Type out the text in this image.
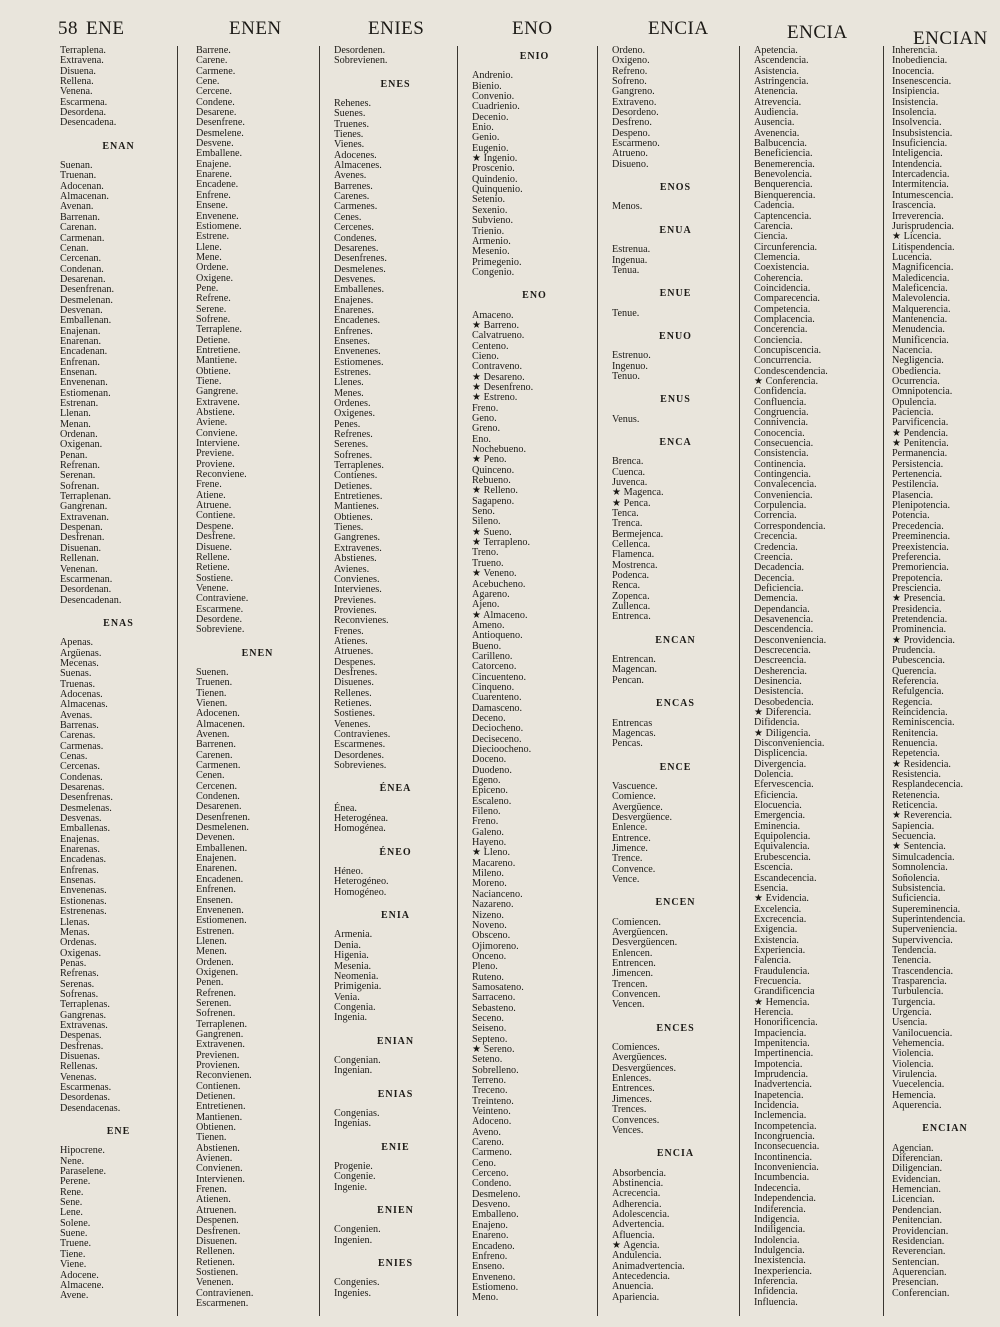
58 ENE	ENEN	ENIES	ENO	ENCIA	ENCIA	ENCIAN
Terraplena.
Extravena.
Disuena.
Rellena.
Venena.
Escarmena.
Desordena.
Desencadena.
ENAN
Suenan.
Truenan.
Adocenan.
Almacenan.
Avenan.
Barrenan.
Carenan.
Carmenan.
Cenan.
Cercenan.
Condenan.
Desarenan.
Desenfrenan.
Desmelenan.
Desvenan.
Emballenan.
Enajenan.
Enarenan.
Encadenan.
Enfrenan.
Ensenan.
Envenenan.
Estiomenan.
Estrenan.
Llenan.
Menan.
Ordenan.
Oxigenan.
Penan.
Refrenan.
Serenan.
Sofrenan.
Terraplenan.
Gangrenan.
Extravenan.
Despenan.
Desfrenan.
Disuenan.
Rellenan.
Venenan.
Escarmenan.
Desordenan.
Desencadenan.
ENAS
Apenas.
Argüenas.
Mecenas.
Suenas.
Truenas.
Adocenas.
Almacenas.
Avenas.
Barrenas.
Carenas.
Carmenas.
Cenas.
Cercenas.
Condenas.
Desarenas.
Desenfrenas.
Desmelenas.
Desvenas.
Emballenas.
Enajenas.
Enarenas.
Encadenas.
Enfrenas.
Ensenas.
Envenenas.
Estionenas.
Estrenenas.
Llenas.
Menas.
Ordenas.
Oxigenas.
Penas.
Refrenas.
Serenas.
Sofrenas.
Terraplenas.
Gangrenas.
Extravenas.
Despenas.
Desfrenas.
Disuenas.
Rellenas.
Venenas.
Escarmenas.
Desordenas.
Desendacenas.
ENE
Hipocrene.
Nene.
Paraselene.
Perene.
Rene.
Sene.
Lene.
Solene.
Suene.
Truene.
Tiene.
Viene.
Adocene.
Almacene.
Avene.
Barrene.
Carene.
Carmene.
Cene.
Cercene.
Condene.
Desarene.
Desenfrene.
Desmelene.
Desvene.
Emballene.
Enajene.
Enarene.
Encadene.
Enfrene.
Ensene.
Envenene.
Estiomene.
Estrene.
Llene.
Mene.
Ordene.
Oxigene.
Pene.
Refrene.
Serene.
Sofrene.
Terraplene.
Detiene.
Entretiene.
Mantiene.
Obtiene.
Tiene.
Gangrene.
Extravene.
Abstiene.
Aviene.
Conviene.
Interviene.
Previene.
Proviene.
Reconviene.
Frene.
Atiene.
Atruene.
Contiene.
Despene.
Desfrene.
Disuene.
Rellene.
Retiene.
Sostiene.
Venene.
Contraviene.
Escarmene.
Desordene.
Sobreviene.
ENEN
Suenen.
Truenen.
Tienen.
Vienen.
Adocenen.
Almacenen.
Avenen.
Barrenen.
Carenen.
Carmenen.
Cenen.
Cercenen.
Condenen.
Desarenen.
Desenfrenen.
Desmelenen.
Devenen.
Emballenen.
Enajenen.
Enarenen.
Encadenen.
Enfrenen.
Ensenen.
Envenenen.
Estiomenen.
Estrenen.
Llenen.
Menen.
Ordenen.
Oxigenen.
Penen.
Refrenen.
Serenen.
Sofrenen.
Terraplenen.
Gangrenen.
Extravenen.
Previenen.
Provienen.
Reconvienen.
Contienen.
Detienen.
Entretienen.
Mantienen.
Obtienen.
Tienen.
Abstienen.
Avienen.
Convienen.
Intervienen.
Frenen.
Atienen.
Atruenen.
Despenen.
Desfrenen.
Disuenen.
Rellenen.
Retienen.
Sostienen.
Venenen.
Contravienen.
Escarmenen.
Desordenen.
Sobrevienen.
ENES
Rehenes.
Suenes.
Truenes.
Tienes.
Vienes.
Adocenes.
Almacenes.
Avenes.
Barrenes.
Carenes.
Carmenes.
Cenes.
Cercenes.
Condenes.
Desarenes.
Desenfrenes.
Desmelenes.
Desvenes.
Emballenes.
Enajenes.
Enarenes.
Encadenes.
Enfrenes.
Ensenes.
Envenenes.
Estiomenes.
Estrenes.
Llenes.
Menes.
Ordenes.
Oxigenes.
Penes.
Refrenes.
Serenes.
Sofrenes.
Terraplenes.
Contienes.
Detienes.
Entretienes.
Mantienes.
Obtienes.
Tienes.
Gangrenes.
Extravenes.
Abstienes.
Avienes.
Convienes.
Intervienes.
Previenes.
Provienes.
Reconvienes.
Frenes.
Atienes.
Atruenes.
Despenes.
Desfrenes.
Disuenes.
Rellenes.
Retienes.
Sostienes.
Venenes.
Contravienes.
Escarmenes.
Desordenes.
Sobrevienes.
ÉNEA
Énea.
Heterogénea.
Homogénea.
ÉNEO
Héneo.
Heterogéneo.
Homogéneo.
ENIA
Armenia.
Denia.
Higenia.
Mesenia.
Neomenia.
Primigenia.
Venia.
Congenia.
Ingenia.
ENIAN
Congenian.
Ingenian.
ENIAS
Congenias.
Ingenias.
ENIE
Progenie.
Congenie.
Ingenie.
ENIEN
Congenien.
Ingenien.
ENIES
Congenies.
Ingenies.
ENIO
Andrenio.
Bienio.
Convenio.
Cuadrienio.
Decenio.
Enio.
Genio.
Eugenio.
★ Ingenio.
Proscenio.
Quindenio.
Quinquenio.
Setenio.
Sexenio.
Subvieno.
Trienio.
Armenio.
Mesenio.
Primegenio.
Congenio.
ENO
Amaceno.
★ Barreno.
Calvatrueno.
Centeno.
Cieno.
Contraveno.
★ Desareno.
★ Desenfreno.
★ Estreno.
Freno.
Geno.
Greno.
Eno.
Nochebueno.
★ Peno.
Quinceno.
Rebueno.
★ Relleno.
Sagapeno.
Seno.
Sileno.
★ Sueno.
★ Terrapleno.
Treno.
Trueno.
★ Veneno.
Acebucheno.
Agareno.
Ajeno.
★ Almaceno.
Ameno.
Antioqueno.
Bueno.
Carilleno.
Catorceno.
Cincuenteno.
Cinqueno.
Cuarenteno.
Damasceno.
Deceno.
Deciocheno.
Deciseceno.
Diecioocheno.
Doceno.
Duodeno.
Egeno.
Epiceno.
Escaleno.
Fileno.
Freno.
Galeno.
Hayeno.
★ Lleno.
Macareno.
Mileno.
Moreno.
Nacianceno.
Nazareno.
Nizeno.
Noveno.
Obsceno.
Ojimoreno.
Onceno.
Pleno.
Ruteno.
Samosateno.
Sarraceno.
Sebasteno.
Seceno.
Seiseno.
Septeno.
★ Sereno.
Seteno.
Sobrelleno.
Terreno.
Treceno.
Treinteno.
Veinteno.
Adoceno.
Aveno.
Careno.
Carmeno.
Ceno.
Cerceno.
Condeno.
Desmeleno.
Desveno.
Emballeno.
Enajeno.
Enareno.
Encadeno.
Enfreno.
Enseno.
Enveneno.
Estiomeno.
Meno.
Ordeno.
Oxigeno.
Refreno.
Sofreno.
Gangreno.
Extraveno.
Desordeno.
Desfreno.
Despeno.
Escarmeno.
Atrueno.
Disueno.
ENOS
Menos.
ENUA
Estrenua.
Ingenua.
Tenua.
ENUE
Tenue.
ENUO
Estrenuo.
Ingenuo.
Tenuo.
ENUS
Venus.
ENCA
Brenca.
Cuenca.
Juvenca.
★ Magenca.
★ Penca.
Tenca.
Trenca.
Bermejenca.
Cellenca.
Flamenca.
Mostrenca.
Podenca.
Renca.
Zopenca.
Zullenca.
Entrenca.
ENCAN
Entrencan.
Magencan.
Pencan.
ENCAS
Entrencas
Magencas.
Pencas.
ENCE
Vascuence.
Comience.
Avergüence.
Desvergüence.
Enlence.
Entrence.
Jimence.
Trence.
Convence.
Vence.
ENCEN
Comiencen.
Avergüencen.
Desvergüencen.
Enlencen.
Entrencen.
Jimencen.
Trencen.
Convencen.
Vencen.
ENCES
Comiences.
Avergüences.
Desvergüences.
Enlences.
Entrences.
Jimences.
Trences.
Convences.
Vences.
ENCIA
Absorbencia.
Abstinencia.
Acrecencia.
Adherencia.
Adolescencia.
Advertencia.
Afluencia.
★ Agencia.
Andulencia.
Animadvertencia.
Antecedencia.
Anuencia.
Apariencia.
Apetencia.
Ascendencia.
Asistencia.
Astringencia.
Atenencia.
Atrevencia.
Audiencia.
Ausencia.
Avenencia.
Balbucencia.
Beneficiencia.
Benemerencia.
Benevolencia.
Benquerencia.
Bienquerencia.
Cadencia.
Captencencia.
Carencia.
Ciencia.
Circunferencia.
Clemencia.
Coexistencia.
Coherencia.
Coincidencia.
Comparecencia.
Competencia.
Complacencia.
Concerencia.
Conciencia.
Concupiscencia.
Concurrencia.
Condescendencia.
★ Conferencia.
Confidencia.
Confluencia.
Congruencia.
Connivencia.
Conocencia.
Consecuencia.
Consistencia.
Continencia.
Contingencia.
Convalecencia.
Conveniencia.
Corpulencia.
Correncia.
Correspondencia.
Crecencia.
Credencia.
Creencia.
Decadencia.
Decencia.
Deficiencia.
Demencia.
Dependancia.
Desavenencia.
Descendencia.
Desconveniencia.
Descrecencia.
Descreencia.
Desherencia.
Desinencia.
Desistencia.
Desobedencia.
★ Diferencia.
Difidencia.
★ Diligencia.
Disconveniencia.
Displicencia.
Divergencia.
Dolencia.
Efervescencia.
Eficiencia.
Elocuencia.
Emergencia.
Eminencia.
Equipolencia.
Equivalencia.
Erubescencia.
Escencia.
Escandecencia.
Esencia.
★ Evidencia.
Excelencia.
Excrecencia.
Exigencia.
Existencia.
Experiencia.
Falencia.
Fraudulencia.
Frecuencia.
Grandificencia
★ Hemencia.
Herencia.
Honorificencia.
Impaciencia.
Impenitencia.
Impertinencia.
Impotencia.
Imprudencia.
Inadvertencia.
Inapetencia.
Incidencia.
Inclemencia.
Incompetencia.
Incongruencia.
Inconsecuencia.
Incontinencia.
Inconveniencia.
Incumbencia.
Indecencia.
Independencia.
Indiferencia.
Indigencia.
Indiligencia.
Indolencia.
Indulgencia.
Inexistencia.
Inexperiencia.
Inferencia.
Infidencia.
Influencia.
Inherencia.
Inobediencia.
Inocencia.
Insenescencia.
Insipiencia.
Insistencia.
Insolencia.
Insolvencia.
Insubsistencia.
Insuficiencia.
Inteligencia.
Intendencia.
Intercadencia.
Intermitencia.
Intumescencia.
Irascencia.
Irreverencia.
Jurisprudencia.
★ Licencia.
Litispendencia.
Lucencia.
Magnificencia.
Maledicencia.
Maleficencia.
Malevolencia.
Malquerencia.
Mantenencia.
Menudencia.
Munificencia.
Nacencia.
Negligencia.
Obediencia.
Ocurrencia.
Omnipotencia.
Opulencia.
Paciencia.
Parvificencia.
★ Pendencia.
★ Penitencia.
Permanencia.
Persistencia.
Pertenencia.
Pestilencia.
Plasencia.
Plenipotencia.
Potencia.
Precedencia.
Preeminencia.
Preexistencia.
Preferencia.
Premoriencia.
Prepotencia.
Presciencia.
★ Presencia.
Presidencia.
Pretendencia.
Prominencia.
★ Providencia.
Prudencia.
Pubescencia.
Querencia.
Referencia.
Refulgencia.
Regencia.
Reincidencia.
Reminiscencia.
Renitencia.
Renuencia.
Repetencia.
★ Residencia.
Resistencia.
Resplandecencia.
Retenencia.
Reticencia.
★ Reverencia.
Sapiencia.
Secuencia.
★ Sentencia.
Simulcadencia.
Somnolencia.
Soñolencia.
Subsistencia.
Suficiencia.
Supereminencia.
Superintendencia.
Superveniencia.
Supervivencia.
Tendencia.
Tenencia.
Trascendencia.
Trasparencia.
Turbulencia.
Turgencia.
Urgencia.
Usencia.
Vanilocuencia.
Vehemencia.
Violencia.
Violencia.
Virulencia.
Vuecelencia.
Hemencia.
Aquerencia.
ENCIAN
Agencian.
Diferencian.
Diligencian.
Evidencian.
Hemencian.
Licencian.
Pendencian.
Penitencian.
Providencian.
Residencian.
Reverencian.
Sentencian.
Aquerencian.
Presencian.
Conferencian.
